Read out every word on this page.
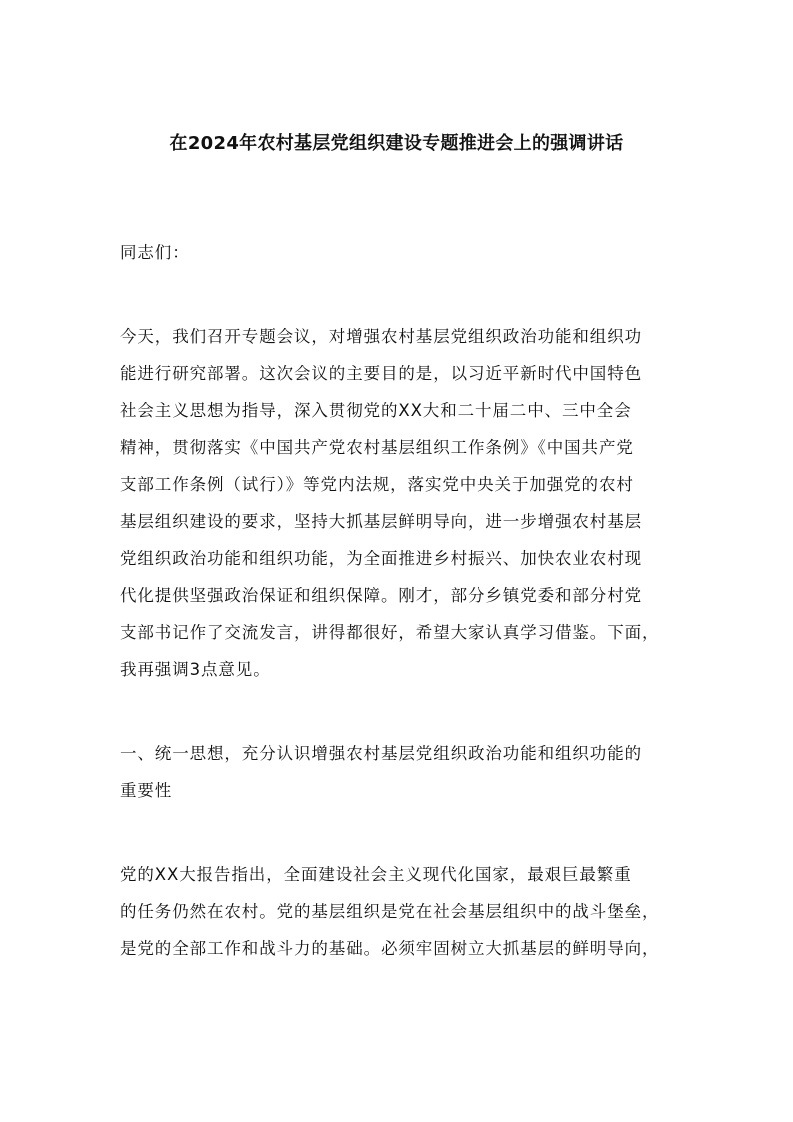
在2024年农村基层党组织建设专题推进会上的强调讲话
同志们：
今天，我们召开专题会议，对增强农村基层党组织政治功能和组织功
能进行研究部署。这次会议的主要目的是，以习近平新时代中国特色
社会主义思想为指导，深入贯彻党的XX大和二十届二中、三中全会
精神，贯彻落实《中国共产党农村基层组织工作条例》《中国共产党
支部工作条例（试行）》等党内法规，落实党中央关于加强党的农村
基层组织建设的要求，坚持大抓基层鲜明导向，进一步增强农村基层
党组织政治功能和组织功能，为全面推进乡村振兴、加快农业农村现
代化提供坚强政治保证和组织保障。刚才，部分乡镇党委和部分村党
支部书记作了交流发言，讲得都很好，希望大家认真学习借鉴。下面，
我再强调3点意见。
一、统一思想，充分认识增强农村基层党组织政治功能和组织功能的
重要性
党的XX大报告指出，全面建设社会主义现代化国家，最艰巨最繁重
的任务仍然在农村。党的基层组织是党在社会基层组织中的战斗堡垒，
是党的全部工作和战斗力的基础。必须牢固树立大抓基层的鲜明导向，
